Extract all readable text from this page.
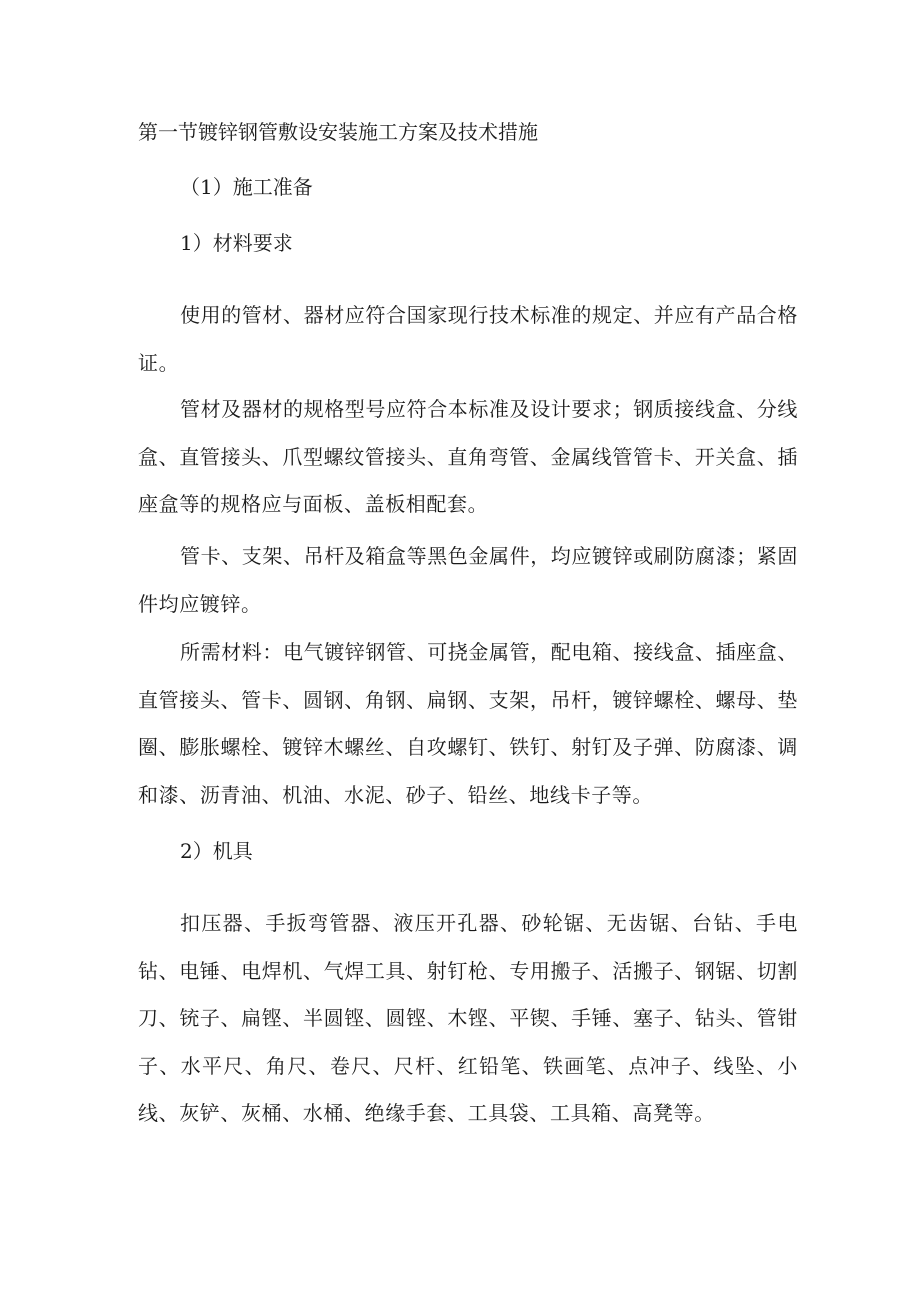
第一节镀锌钢管敷设安装施工方案及技术措施

（1）施工准备

1）材料要求

使用的管材、器材应符合国家现行技术标准的规定、并应有产品合格证。

管材及器材的规格型号应符合本标准及设计要求；钢质接线盒、分线盒、直管接头、爪型螺纹管接头、直角弯管、金属线管管卡、开关盒、插座盒等的规格应与面板、盖板相配套。

管卡、支架、吊杆及箱盒等黑色金属件，均应镀锌或刷防腐漆；紧固件均应镀锌。

所需材料：电气镀锌钢管、可挠金属管，配电箱、接线盒、插座盒、直管接头、管卡、圆钢、角钢、扁钢、支架，吊杆，镀锌螺栓、螺母、垫圈、膨胀螺栓、镀锌木螺丝、自攻螺钉、铁钉、射钉及子弹、防腐漆、调和漆、沥青油、机油、水泥、砂子、铅丝、地线卡子等。

2）机具

扣压器、手扳弯管器、液压开孔器、砂轮锯、无齿锯、台钻、手电钻、电锤、电焊机、气焊工具、射钉枪、专用搬子、活搬子、钢锯、切割刀、铳子、扁铿、半圆铿、圆铿、木铿、平锲、手锤、塞子、钻头、管钳子、水平尺、角尺、卷尺、尺杆、红铅笔、铁画笔、点冲子、线坠、小线、灰铲、灰桶、水桶、绝缘手套、工具袋、工具箱、高凳等。
